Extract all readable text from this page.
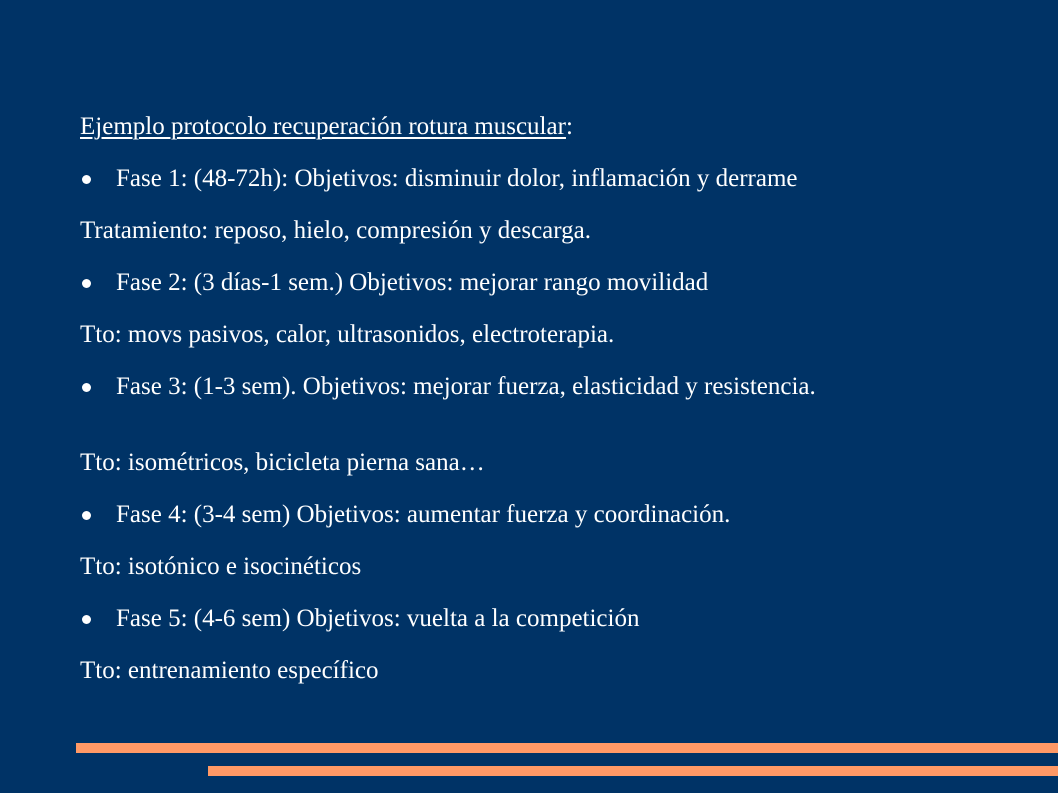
Ejemplo protocolo recuperación rotura muscular:

Fase 1: (48-72h): Objetivos: disminuir dolor, inflamación y derrame

Tratamiento: reposo, hielo, compresión y descarga.

Fase 2: (3 días-1 sem.) Objetivos: mejorar rango movilidad

Tto: movs pasivos, calor, ultrasonidos, electroterapia.

Fase 3: (1-3 sem). Objetivos: mejorar fuerza, elasticidad y resistencia.

Tto: isométricos, bicicleta pierna sana…

Fase 4: (3-4 sem) Objetivos: aumentar fuerza y coordinación.

Tto: isotónico e isocinéticos

Fase 5: (4-6 sem) Objetivos: vuelta a la competición

Tto: entrenamiento específico
